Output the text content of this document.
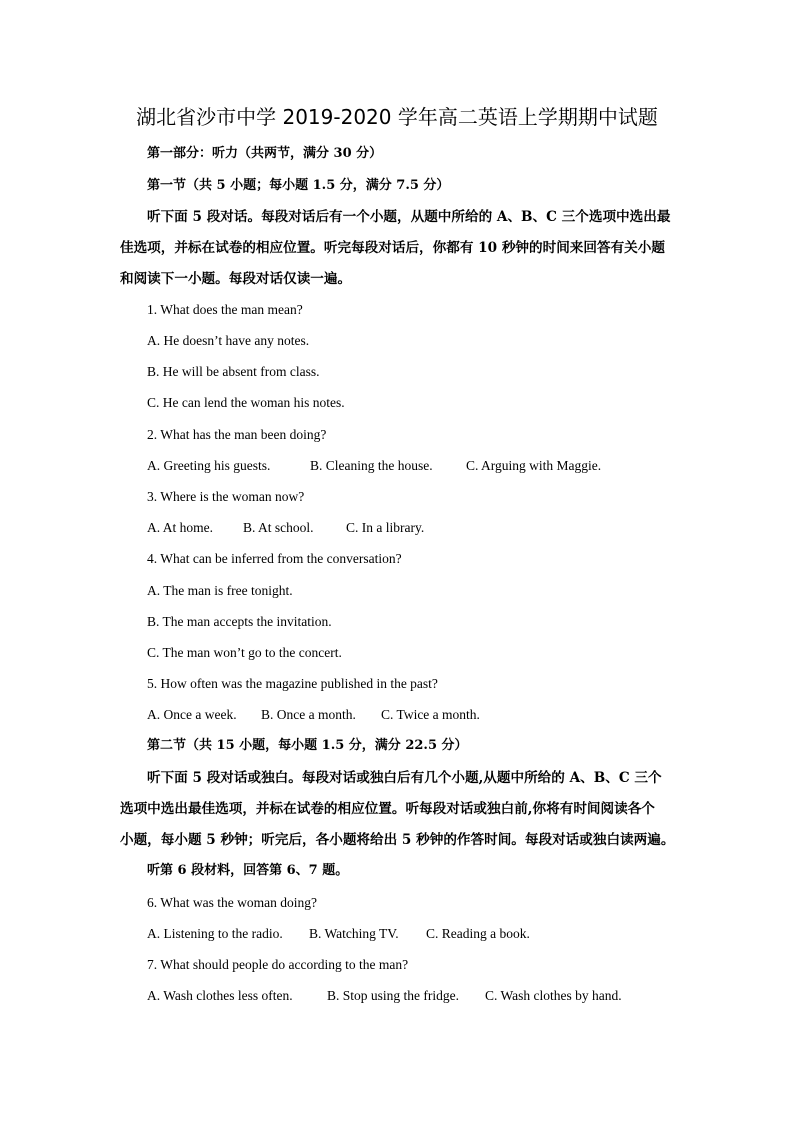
湖北省沙市中学 2019-2020 学年高二英语上学期期中试题
第一部分：听力（共两节，满分 30 分）
第一节（共 5 小题；每小题 1.5 分，满分 7.5 分）
听下面 5 段对话。每段对话后有一个小题，从题中所给的 A、B、C 三个选项中选出最
佳选项，并标在试卷的相应位置。听完每段对话后，你都有 10 秒钟的时间来回答有关小题
和阅读下一小题。每段对话仅读一遍。
1. What does the man mean?
A. He doesn’t have any notes.
B. He will be absent from class.
C. He can lend the woman his notes.
2. What has the man been doing?
A. Greeting his guests.	B. Cleaning the house. C. Arguing with Maggie.
3. Where is the woman now?
A. At home. B. At school. C. In a library.
4. What can be inferred from the conversation?
A. The man is free tonight.
B. The man accepts the invitation.
C. The man won’t go to the concert.
5. How often was the magazine published in the past?
A. Once a week. B. Once a month. C. Twice a month.
第二节（共 15 小题，每小题 1.5 分，满分 22.5 分）
听下面 5 段对话或独白。每段对话或独白后有几个小题,从题中所给的 A、B、C 三个
选项中选出最佳选项，并标在试卷的相应位置。听每段对话或独白前,你将有时间阅读各个
小题，每小题 5 秒钟；听完后，各小题将给出 5 秒钟的作答时间。每段对话或独白读两遍。
听第 6 段材料，回答第 6、7 题。
6. What was the woman doing?
A. Listening to the radio. B. Watching TV. C. Reading a book.
7. What should people do according to the man?
A. Wash clothes less often.	B. Stop using the fridge. C. Wash clothes by hand.
